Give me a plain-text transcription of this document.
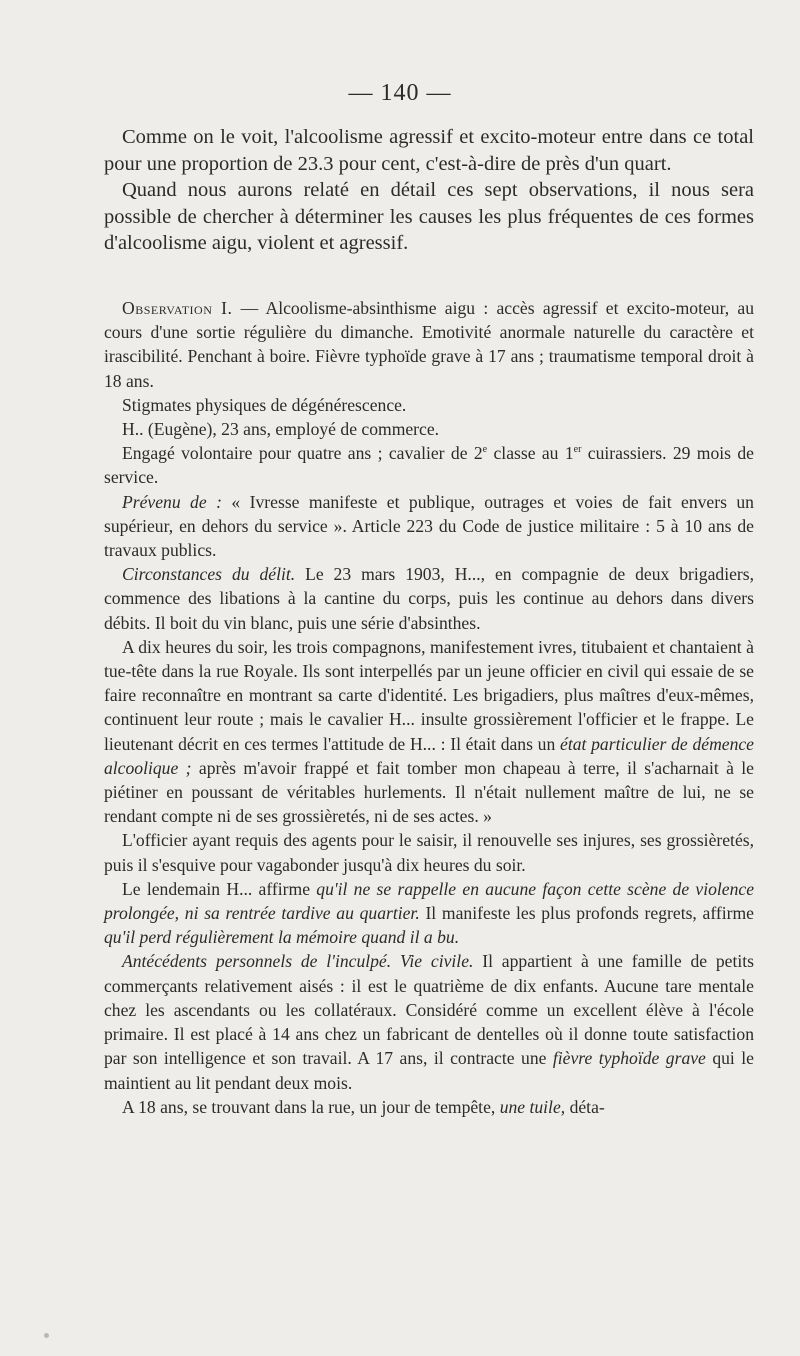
— 140 —

Comme on le voit, l'alcoolisme agressif et excito-moteur entre dans ce total pour une proportion de 23.3 pour cent, c'est-à-dire de près d'un quart.

Quand nous aurons relaté en détail ces sept observations, il nous sera possible de chercher à déterminer les causes les plus fréquentes de ces formes d'alcoolisme aigu, violent et agressif.

Observation I. — Alcoolisme-absinthisme aigu : accès agressif et excito-moteur, au cours d'une sortie régulière du dimanche. Emotivité anormale naturelle du caractère et irascibilité. Penchant à boire. Fièvre typhoïde grave à 17 ans ; traumatisme temporal droit à 18 ans.

Stigmates physiques de dégénérescence.

H.. (Eugène), 23 ans, employé de commerce.

Engagé volontaire pour quatre ans ; cavalier de 2e classe au 1er cuirassiers. 29 mois de service.

Prévenu de : « Ivresse manifeste et publique, outrages et voies de fait envers un supérieur, en dehors du service ». Article 223 du Code de justice militaire : 5 à 10 ans de travaux publics.

Circonstances du délit. Le 23 mars 1903, H..., en compagnie de deux brigadiers, commence des libations à la cantine du corps, puis les continue au dehors dans divers débits. Il boit du vin blanc, puis une série d'absinthes.

A dix heures du soir, les trois compagnons, manifestement ivres, titubaient et chantaient à tue-tête dans la rue Royale. Ils sont interpellés par un jeune officier en civil qui essaie de se faire reconnaître en montrant sa carte d'identité. Les brigadiers, plus maîtres d'eux-mêmes, continuent leur route ; mais le cavalier H... insulte grossièrement l'officier et le frappe. Le lieutenant décrit en ces termes l'attitude de H... : Il était dans un état particulier de démence alcoolique ; après m'avoir frappé et fait tomber mon chapeau à terre, il s'acharnait à le piétiner en poussant de véritables hurlements. Il n'était nullement maître de lui, ne se rendant compte ni de ses grossièretés, ni de ses actes. »

L'officier ayant requis des agents pour le saisir, il renouvelle ses injures, ses grossièretés, puis il s'esquive pour vagabonder jusqu'à dix heures du soir.

Le lendemain H... affirme qu'il ne se rappelle en aucune façon cette scène de violence prolongée, ni sa rentrée tardive au quartier. Il manifeste les plus profonds regrets, affirme qu'il perd régulièrement la mémoire quand il a bu.

Antécédents personnels de l'inculpé. Vie civile. Il appartient à une famille de petits commerçants relativement aisés : il est le quatrième de dix enfants. Aucune tare mentale chez les ascendants ou les collatéraux. Considéré comme un excellent élève à l'école primaire. Il est placé à 14 ans chez un fabricant de dentelles où il donne toute satisfaction par son intelligence et son travail. A 17 ans, il contracte une fièvre typhoïde grave qui le maintient au lit pendant deux mois.

A 18 ans, se trouvant dans la rue, un jour de tempête, une tuile, déta-
